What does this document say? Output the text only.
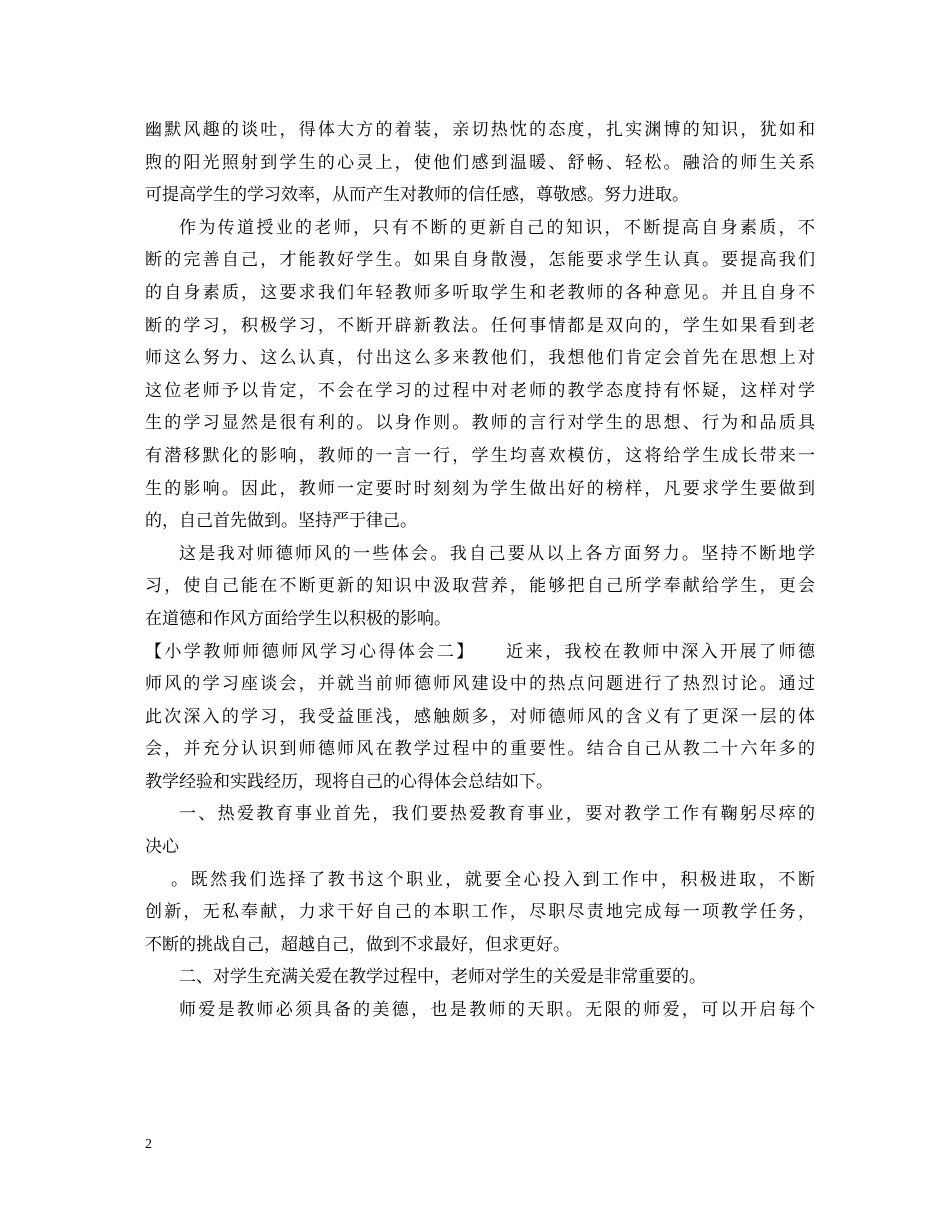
幽默风趣的谈吐，得体大方的着装，亲切热忱的态度，扎实渊博的知识，犹如和
煦的阳光照射到学生的心灵上，使他们感到温暖、舒畅、轻松。融洽的师生关系
可提高学生的学习效率，从而产生对教师的信任感，尊敬感。努力进取。
作为传道授业的老师，只有不断的更新自己的知识，不断提高自身素质，不
断的完善自己，才能教好学生。如果自身散漫，怎能要求学生认真。要提高我们
的自身素质，这要求我们年轻教师多听取学生和老教师的各种意见。并且自身不
断的学习，积极学习，不断开辟新教法。任何事情都是双向的，学生如果看到老
师这么努力、这么认真，付出这么多来教他们，我想他们肯定会首先在思想上对
这位老师予以肯定，不会在学习的过程中对老师的教学态度持有怀疑，这样对学
生的学习显然是很有利的。以身作则。教师的言行对学生的思想、行为和品质具
有潜移默化的影响，教师的一言一行，学生均喜欢模仿，这将给学生成长带来一
生的影响。因此，教师一定要时时刻刻为学生做出好的榜样，凡要求学生要做到
的，自己首先做到。坚持严于律己。
这是我对师德师风的一些体会。我自己要从以上各方面努力。坚持不断地学
习，使自己能在不断更新的知识中汲取营养，能够把自己所学奉献给学生，更会
在道德和作风方面给学生以积极的影响。
【小学教师师德师风学习心得体会二】　　近来，我校在教师中深入开展了师德
师风的学习座谈会，并就当前师德师风建设中的热点问题进行了热烈讨论。通过
此次深入的学习，我受益匪浅，感触颇多，对师德师风的含义有了更深一层的体
会，并充分认识到师德师风在教学过程中的重要性。结合自己从教二十六年多的
教学经验和实践经历，现将自己的心得体会总结如下。
一、热爱教育事业首先，我们要热爱教育事业，要对教学工作有鞠躬尽瘁的
决心
。既然我们选择了教书这个职业，就要全心投入到工作中，积极进取，不断
创新，无私奉献，力求干好自己的本职工作，尽职尽责地完成每一项教学任务，
不断的挑战自己，超越自己，做到不求最好，但求更好。
二、对学生充满关爱在教学过程中，老师对学生的关爱是非常重要的。
师爱是教师必须具备的美德，也是教师的天职。无限的师爱，可以开启每个
2
